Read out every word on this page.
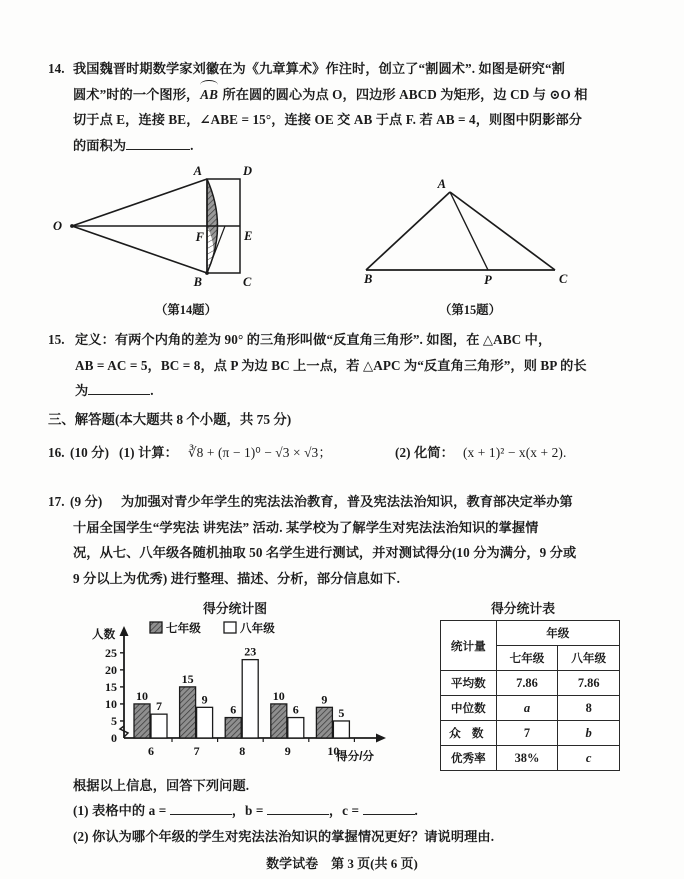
14. 我国魏晋时期数学家刘徽在为《九章算术》作注时，创立了“割圆术”. 如图是研究“割
圆术”时的一个图形，AB 所在圆的圆心为点 O，四边形 ABCD 为矩形，边 CD 与 ⊙O 相
切于点 E，连接 BE，∠ABE = 15°，连接 OE 交 AB 于点 F. 若 AB = 4，则图中阴影部分
的面积为	.
O
A	D
B	C
E
F
（第14题）
A
B	P	C
（第15题）
15. 定义：有两个内角的差为 90° 的三角形叫做“反直角三角形”. 如图，在 △ABC 中，
AB = AC = 5，BC = 8，点 P 为边 BC 上一点，若 △APC 为“反直角三角形”，则 BP 的长
为	.
三、解答题(本大题共 8 个小题，共 75 分)
16. (10 分) (1) 计算： ∛8 + (π − 1)⁰ − √3 × √3；	(2) 化简： (x + 1)² − x(x + 2).
17. (9 分) 为加强对青少年学生的宪法法治教育，普及宪法法治知识，教育部决定举办第
十届全国学生“学宪法 讲宪法” 活动. 某学校为了解学生对宪法法治知识的掌握情
况，从七、八年级各随机抽取 50 名学生进行测试，并对测试得分(10 分为满分，9 分或
9 分以上为优秀) 进行整理、描述、分析，部分信息如下.
得分统计图
0
5
10
15
20
25
人数
得分/分
10
7
6
15
9
7
6
23
8
10
6
9
9
5
10
七年级	八年级
得分统计表
统计量	年级	
	七年级	八年级
平均数	7.86	7.86
中位数	a	8
众 数	7	b
优秀率	38%	c
根据以上信息，回答下列问题.
(1) 表格中的 a =	，b =	，c =	.
(2) 你认为哪个年级的学生对宪法法治知识的掌握情况更好？请说明理由.
数学试卷　第 3 页(共 6 页)
